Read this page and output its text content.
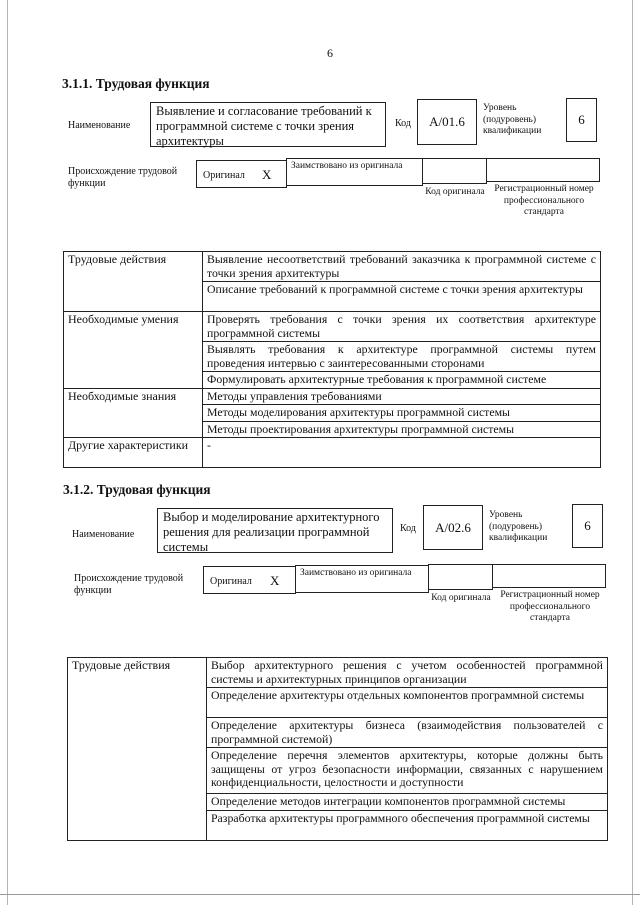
6
3.1.1. Трудовая функция
Наименование
Выявление и согласование требований к программной системе с точки зрения архитектуры
Код	А/01.6
Уровень (подуровень) квалификации
6
Происхождение трудовой функции
Оригинал Х
Заимствовано из оригинала
Код оригинала	Регистрационный номер профессионального стандарта
Трудовые действия	Выявление несоответствий требований заказчика к программной системе с точки зрения архитектуры
	Описание требований к программной системе с точки зрения архитектуры
Необходимые умения	Проверять требования с точки зрения их соответствия архитектуре программной системы
	Выявлять требования к архитектуре программной системы путем проведения интервью с заинтересованными сторонами
	Формулировать архитектурные требования к программной системе
Необходимые знания	Методы управления требованиями
	Методы моделирования архитектуры программной системы
	Методы проектирования архитектуры программной системы
Другие характеристики	-
3.1.2. Трудовая функция
Наименование
Выбор и моделирование архитектурного решения для реализации программной системы
Код	А/02.6
Уровень (подуровень) квалификации
6
Происхождение трудовой функции
Оригинал Х	Заимствовано из оригинала
Код оригинала	Регистрационный номер профессионального стандарта
Трудовые действия	Выбор архитектурного решения с учетом особенностей программной системы и архитектурных принципов организации
Определение архитектуры отдельных компонентов программной системы
Определение архитектуры бизнеса (взаимодействия пользователей с программной системой)
Определение перечня элементов архитектуры, которые должны быть защищены от угроз безопасности информации, связанных с нарушением конфиденциальности, целостности и доступности
Определение методов интеграции компонентов программной системы
Разработка архитектуры программного обеспечения программной системы
